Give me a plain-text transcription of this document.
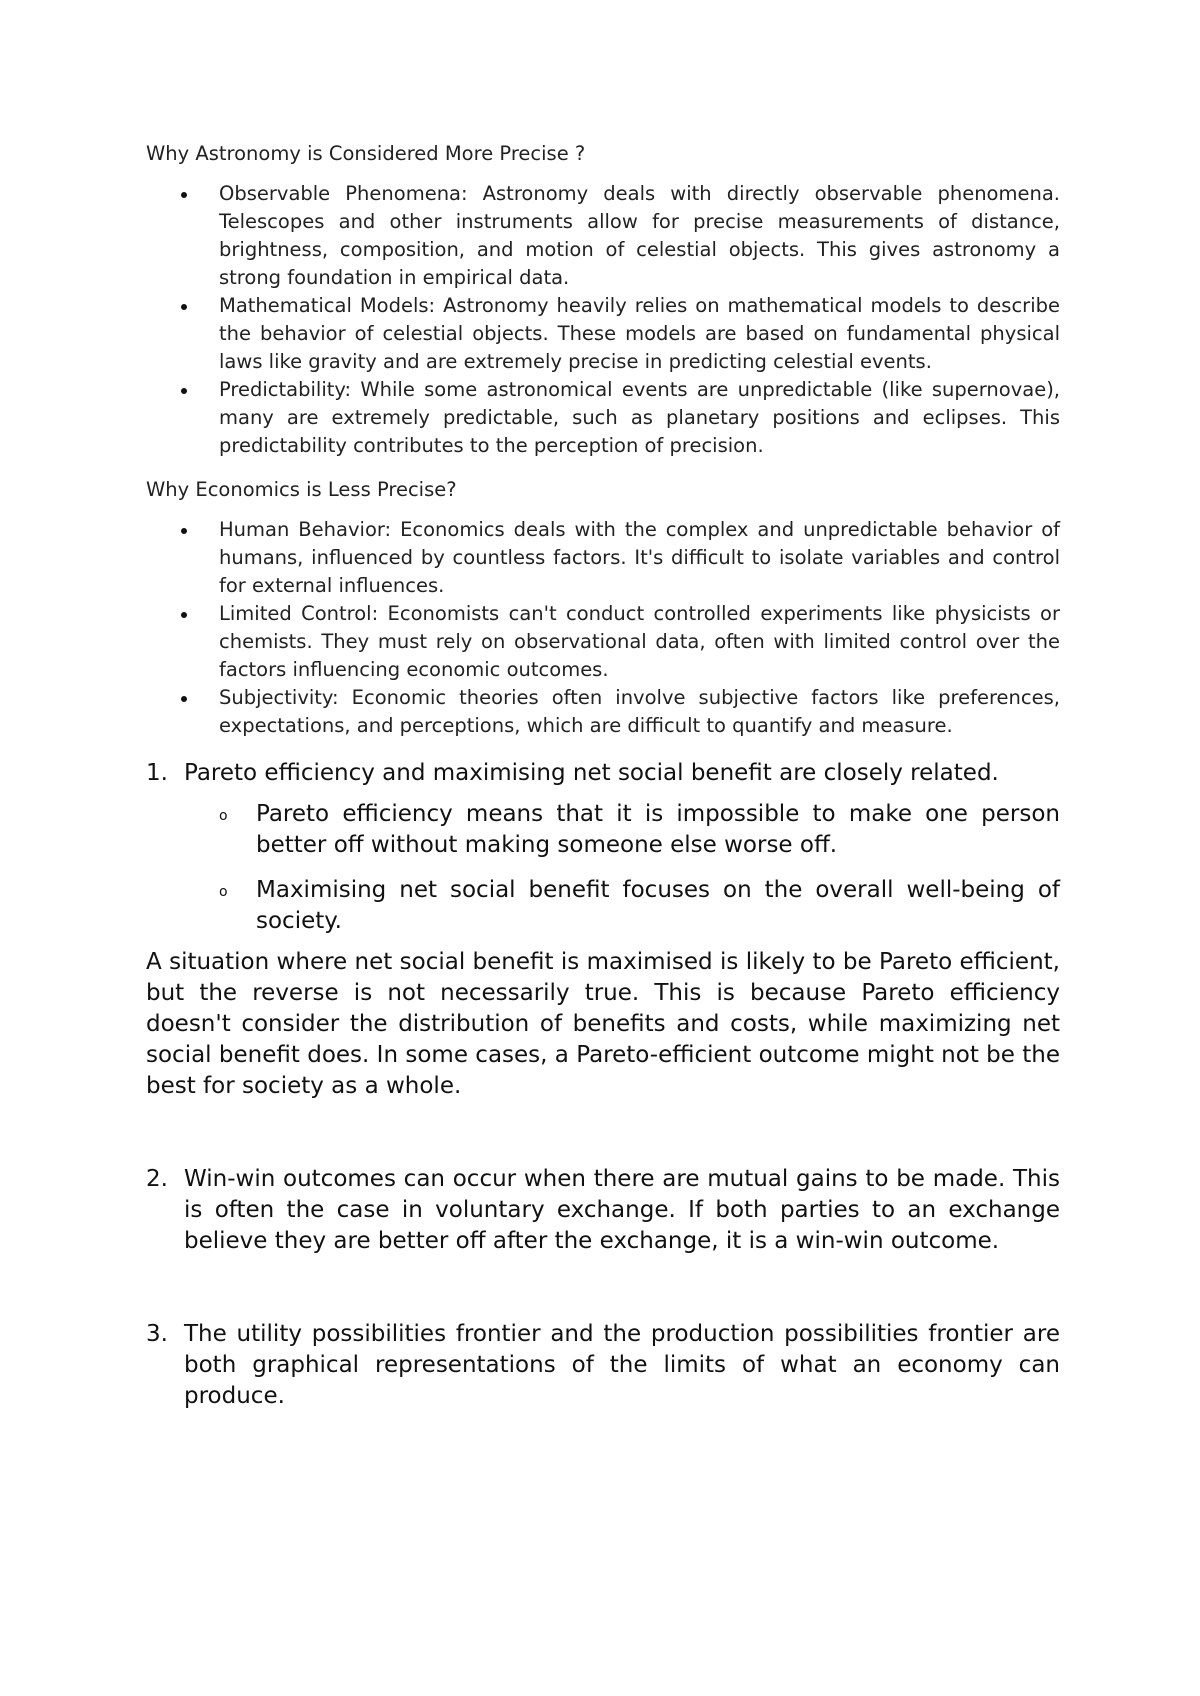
Why Astronomy is Considered More Precise ?

Observable Phenomena: Astronomy deals with directly observable phenomena. Telescopes and other instruments allow for precise measurements of distance, brightness, composition, and motion of celestial objects. This gives astronomy a strong foundation in empirical data.
Mathematical Models: Astronomy heavily relies on mathematical models to describe the behavior of celestial objects. These models are based on fundamental physical laws like gravity and are extremely precise in predicting celestial events.
Predictability: While some astronomical events are unpredictable (like supernovae), many are extremely predictable, such as planetary positions and eclipses. This predictability contributes to the perception of precision.

Why Economics is Less Precise?

Human Behavior: Economics deals with the complex and unpredictable behavior of humans, influenced by countless factors. It's difficult to isolate variables and control for external influences.
Limited Control: Economists can't conduct controlled experiments like physicists or chemists. They must rely on observational data, often with limited control over the factors influencing economic outcomes.
Subjectivity: Economic theories often involve subjective factors like preferences, expectations, and perceptions, which are difficult to quantify and measure.
1. Pareto efficiency and maximising net social benefit are closely related.
o Pareto efficiency means that it is impossible to make one person better off without making someone else worse off.
o Maximising net social benefit focuses on the overall well-being of society.

A situation where net social benefit is maximised is likely to be Pareto efficient, but the reverse is not necessarily true. This is because Pareto efficiency doesn't consider the distribution of benefits and costs, while maximizing net social benefit does. In some cases, a Pareto-efficient outcome might not be the best for society as a whole.

2. Win-win outcomes can occur when there are mutual gains to be made. This is often the case in voluntary exchange. If both parties to an exchange believe they are better off after the exchange, it is a win-win outcome.
3. The utility possibilities frontier and the production possibilities frontier are both graphical representations of the limits of what an economy can produce.
